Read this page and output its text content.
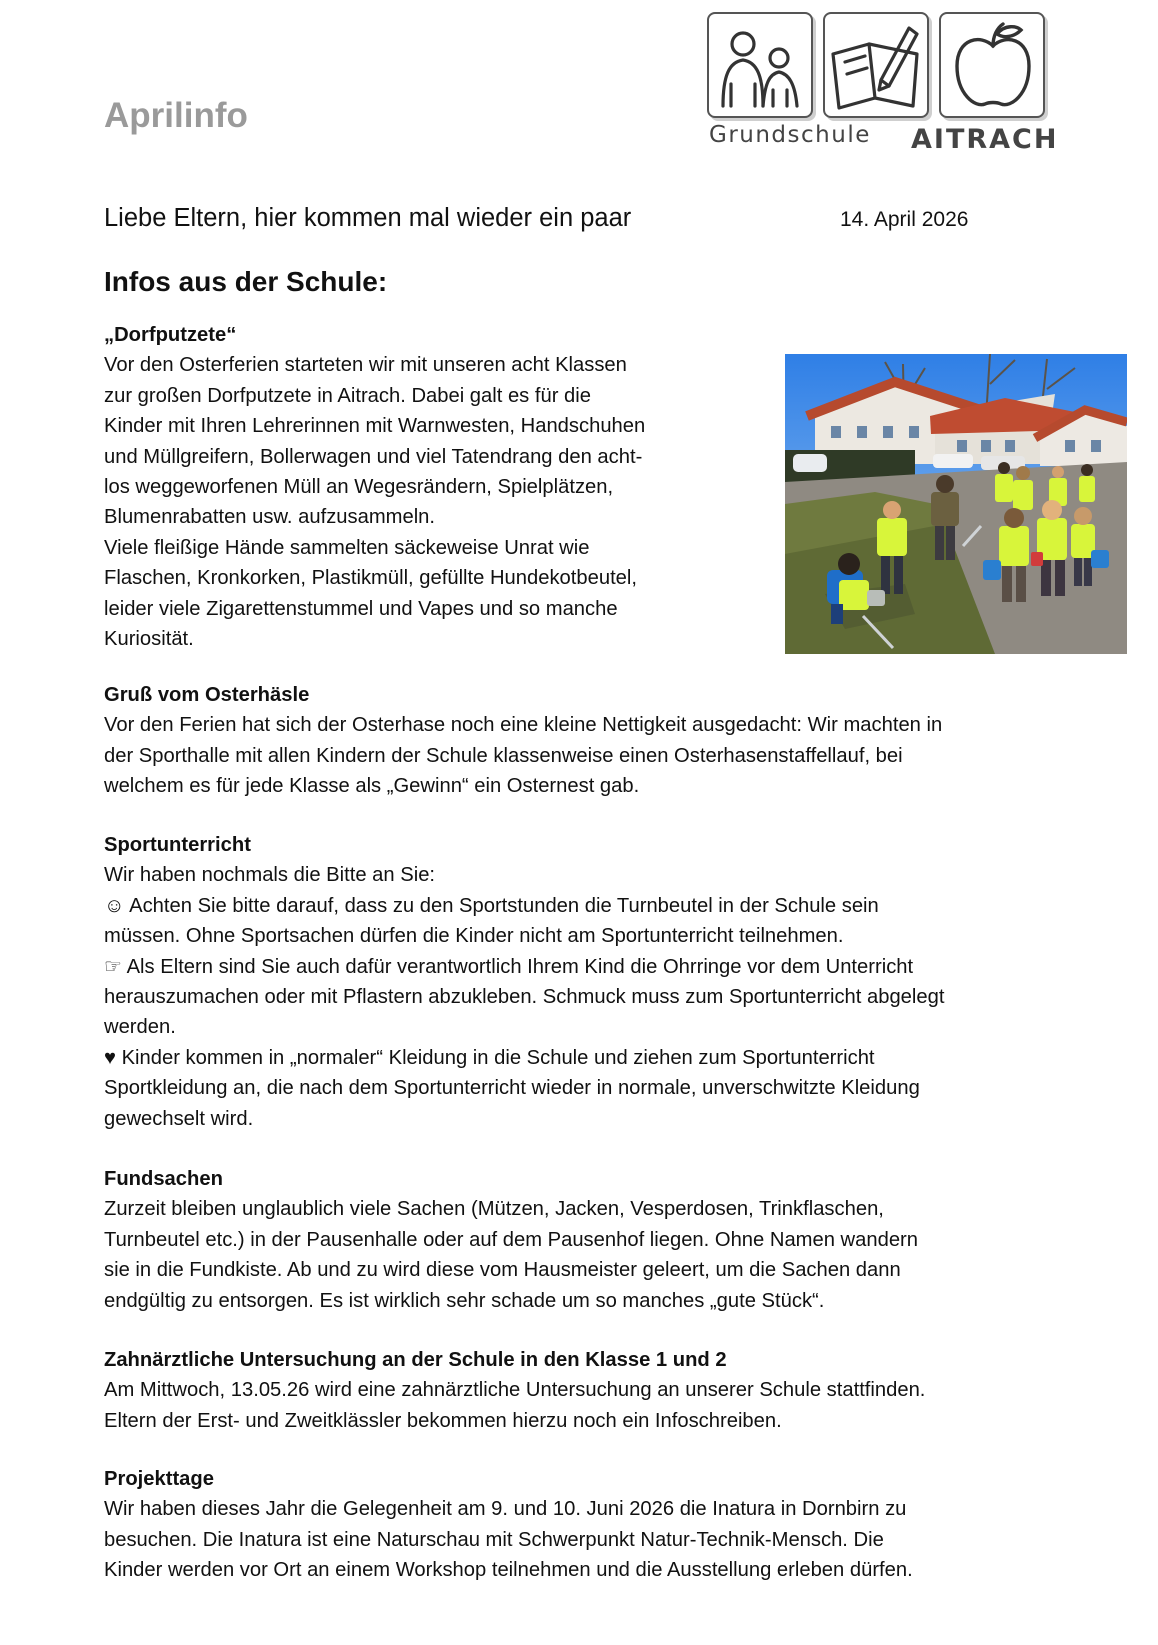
Aprilinfo	Grundschule AITRACH
Liebe Eltern, hier kommen mal wieder ein paar	14. April 2026
Infos aus der Schule:
„Dorfputzete“

Vor den Osterferien starteten wir mit unseren acht Klassen

zur großen Dorfputzete in Aitrach. Dabei galt es für die

Kinder mit Ihren Lehrerinnen mit Warnwesten, Handschuhen

und Müllgreifern, Bollerwagen und viel Tatendrang den acht-

los weggeworfenen Müll an Wegesrändern, Spielplätzen,

Blumenrabatten usw. aufzusammeln.

Viele fleißige Hände sammelten säckeweise Unrat wie

Flaschen, Kronkorken, Plastikmüll, gefüllte Hundekotbeutel,

leider viele Zigarettenstummel und Vapes und so manche

Kuriosität.

Gruß vom Osterhäsle

Vor den Ferien hat sich der Osterhase noch eine kleine Nettigkeit ausgedacht: Wir machten in

der Sporthalle mit allen Kindern der Schule klassenweise einen Osterhasenstaffellauf, bei

welchem es für jede Klasse als „Gewinn“ ein Osternest gab.

Sportunterricht

Wir haben nochmals die Bitte an Sie:

☺ Achten Sie bitte darauf, dass zu den Sportstunden die Turnbeutel in der Schule sein

müssen. Ohne Sportsachen dürfen die Kinder nicht am Sportunterricht teilnehmen.

☞ Als Eltern sind Sie auch dafür verantwortlich Ihrem Kind die Ohrringe vor dem Unterricht

herauszumachen oder mit Pflastern abzukleben. Schmuck muss zum Sportunterricht abgelegt

werden.

♥ Kinder kommen in „normaler“ Kleidung in die Schule und ziehen zum Sportunterricht

Sportkleidung an, die nach dem Sportunterricht wieder in normale, unverschwitzte Kleidung

gewechselt wird.

Fundsachen

Zurzeit bleiben unglaublich viele Sachen (Mützen, Jacken, Vesperdosen, Trinkflaschen,

Turnbeutel etc.) in der Pausenhalle oder auf dem Pausenhof liegen. Ohne Namen wandern

sie in die Fundkiste. Ab und zu wird diese vom Hausmeister geleert, um die Sachen dann

endgültig zu entsorgen. Es ist wirklich sehr schade um so manches „gute Stück“.

Zahnärztliche Untersuchung an der Schule in den Klasse 1 und 2

Am Mittwoch, 13.05.26 wird eine zahnärztliche Untersuchung an unserer Schule stattfinden.

Eltern der Erst- und Zweitklässler bekommen hierzu noch ein Infoschreiben.

Projekttage

Wir haben dieses Jahr die Gelegenheit am 9. und 10. Juni 2026 die Inatura in Dornbirn zu

besuchen. Die Inatura ist eine Naturschau mit Schwerpunkt Natur-Technik-Mensch. Die

Kinder werden vor Ort an einem Workshop teilnehmen und die Ausstellung erleben dürfen.
